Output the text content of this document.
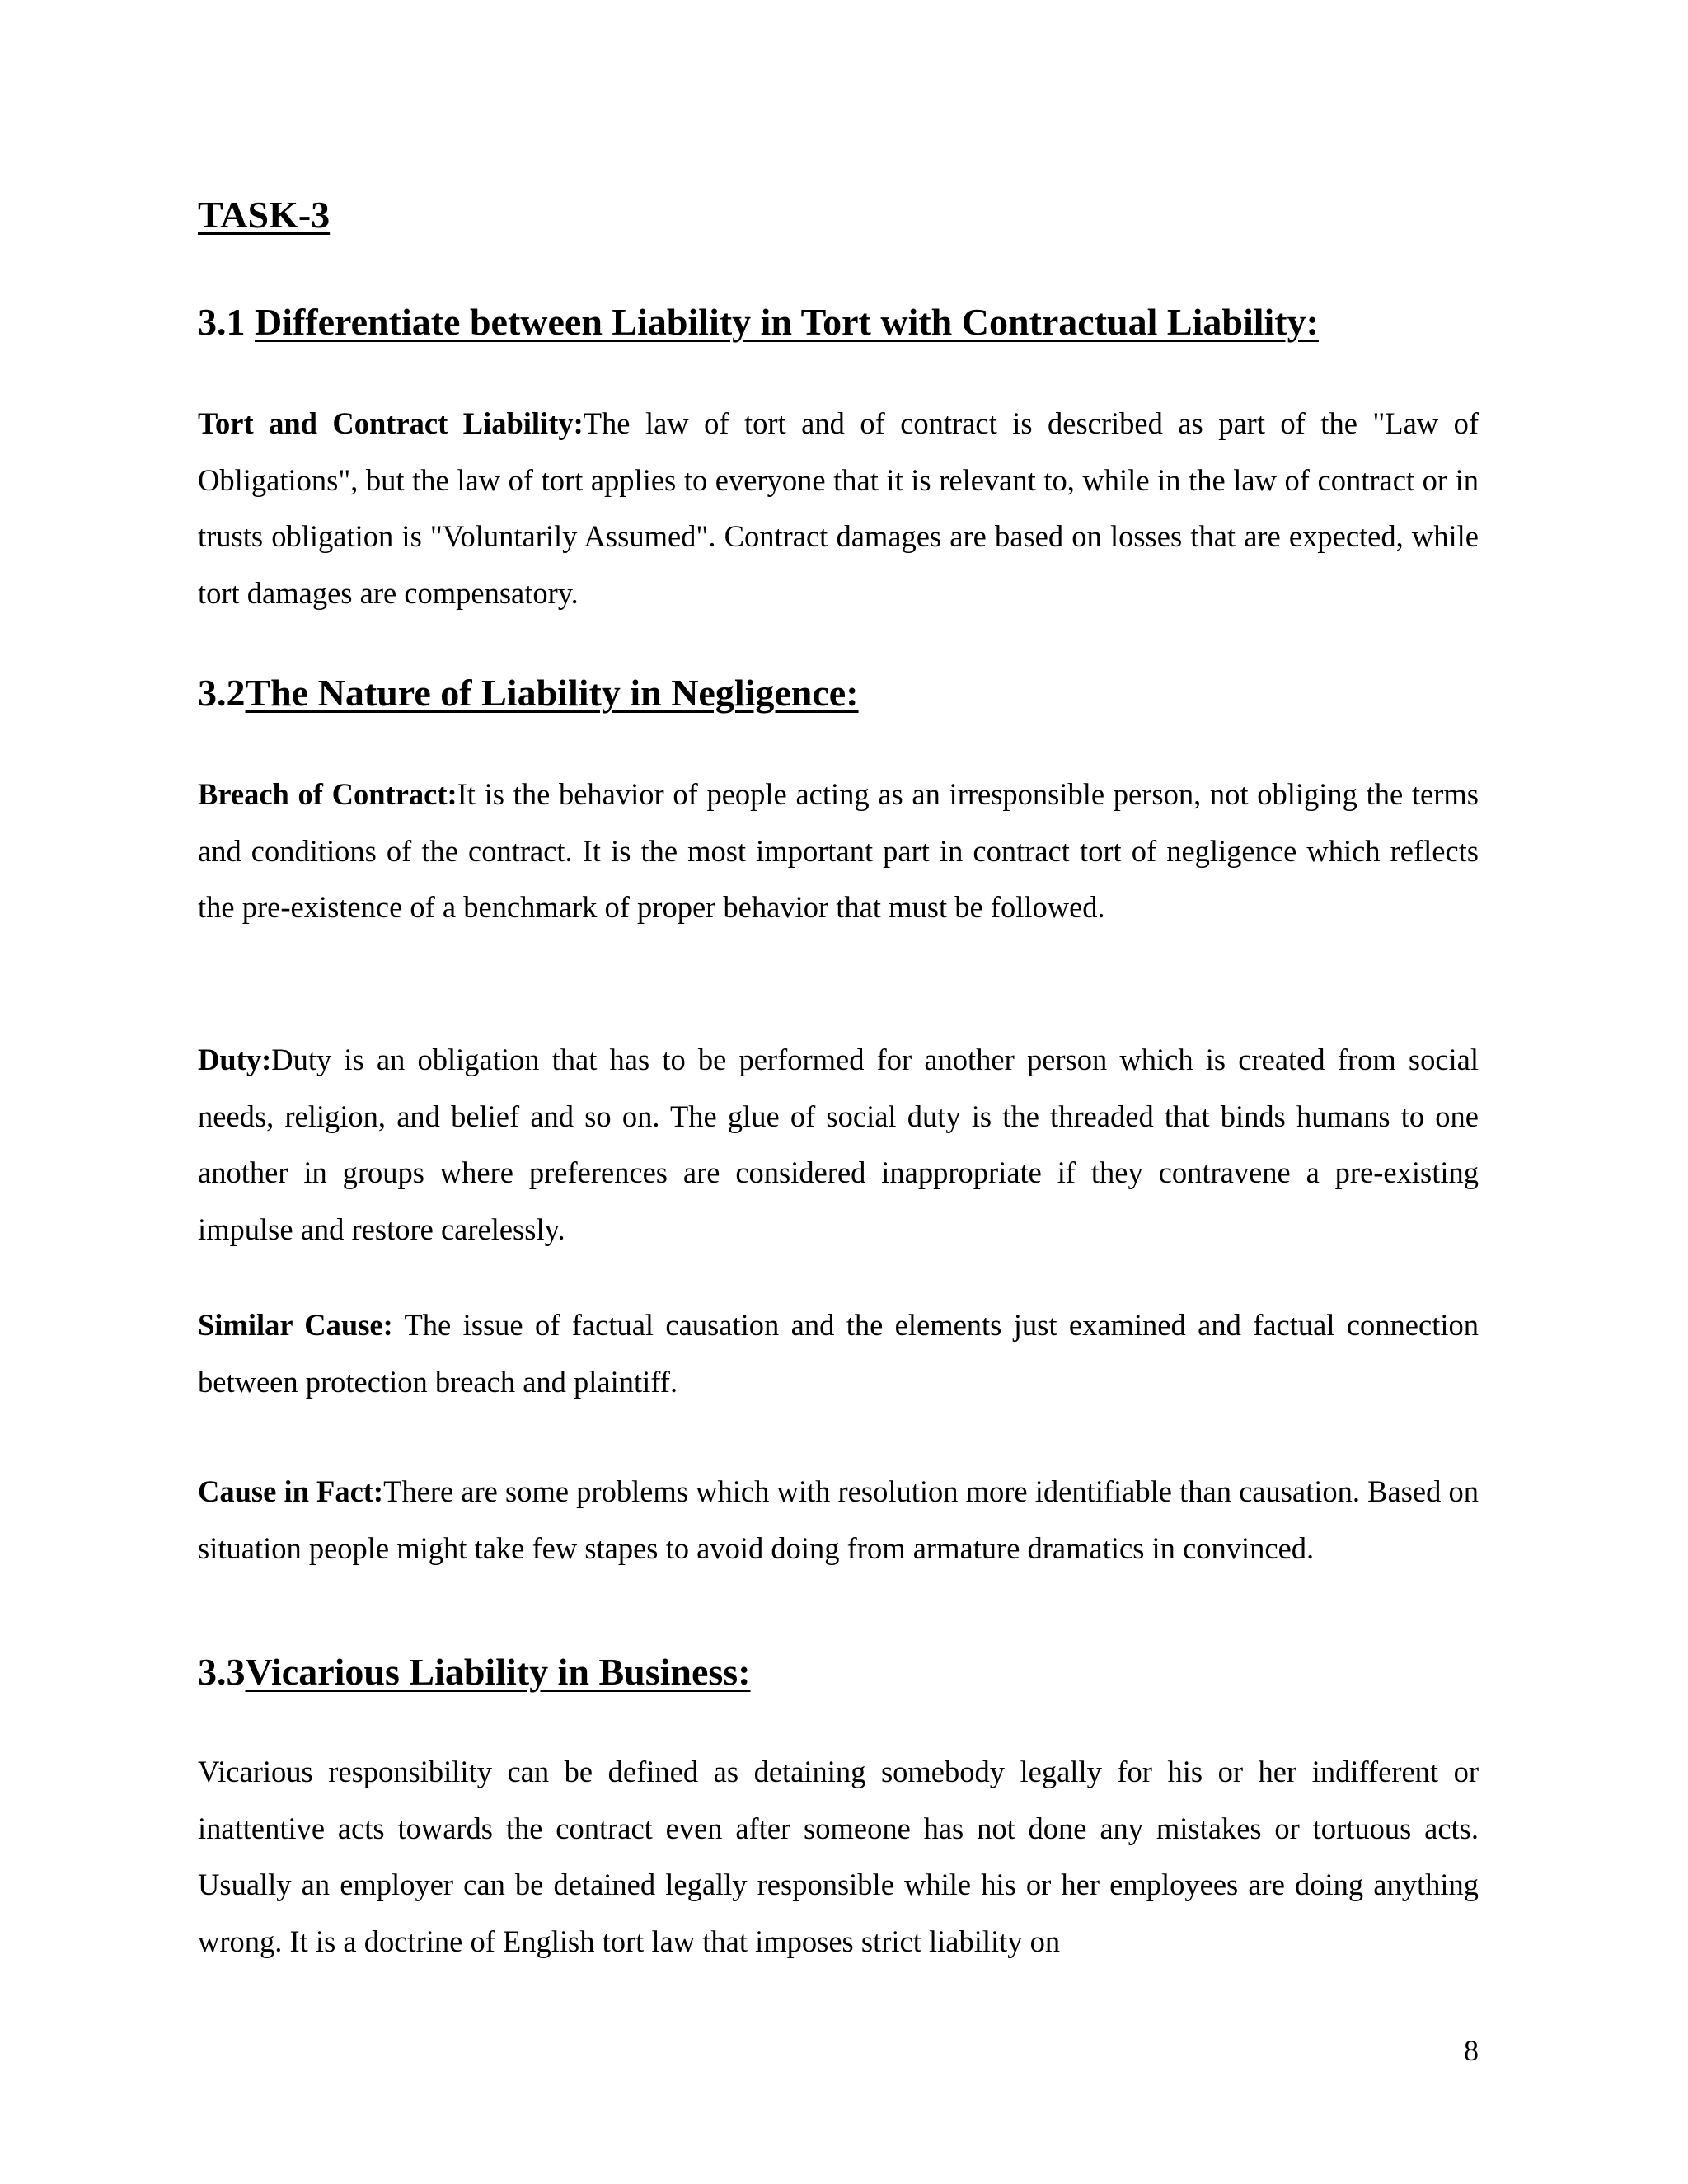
TASK-3
3.1 Differentiate between Liability in Tort with Contractual Liability:

Tort and Contract Liability:The law of tort and of contract is described as part of the "Law of Obligations", but the law of tort applies to everyone that it is relevant to, while in the law of contract or in trusts obligation is "Voluntarily Assumed". Contract damages are based on losses that are expected, while tort damages are compensatory.

3.2The Nature of Liability in Negligence:

Breach of Contract:It is the behavior of people acting as an irresponsible person, not obliging the terms and conditions of the contract. It is the most important part in contract tort of negligence which reflects the pre-existence of a benchmark of proper behavior that must be followed.

Duty:Duty is an obligation that has to be performed for another person which is created from social needs, religion, and belief and so on. The glue of social duty is the threaded that binds humans to one another in groups where preferences are considered inappropriate if they contravene a pre-existing impulse and restore carelessly.

Similar Cause: The issue of factual causation and the elements just examined and factual connection between protection breach and plaintiff.

Cause in Fact:There are some problems which with resolution more identifiable than causation. Based on situation people might take few stapes to avoid doing from armature dramatics in convinced.

3.3Vicarious Liability in Business:

Vicarious responsibility can be defined as detaining somebody legally for his or her indifferent or inattentive acts towards the contract even after someone has not done any mistakes or tortuous acts. Usually an employer can be detained legally responsible while his or her employees are doing anything wrong. It is a doctrine of English tort law that imposes strict liability on

8
